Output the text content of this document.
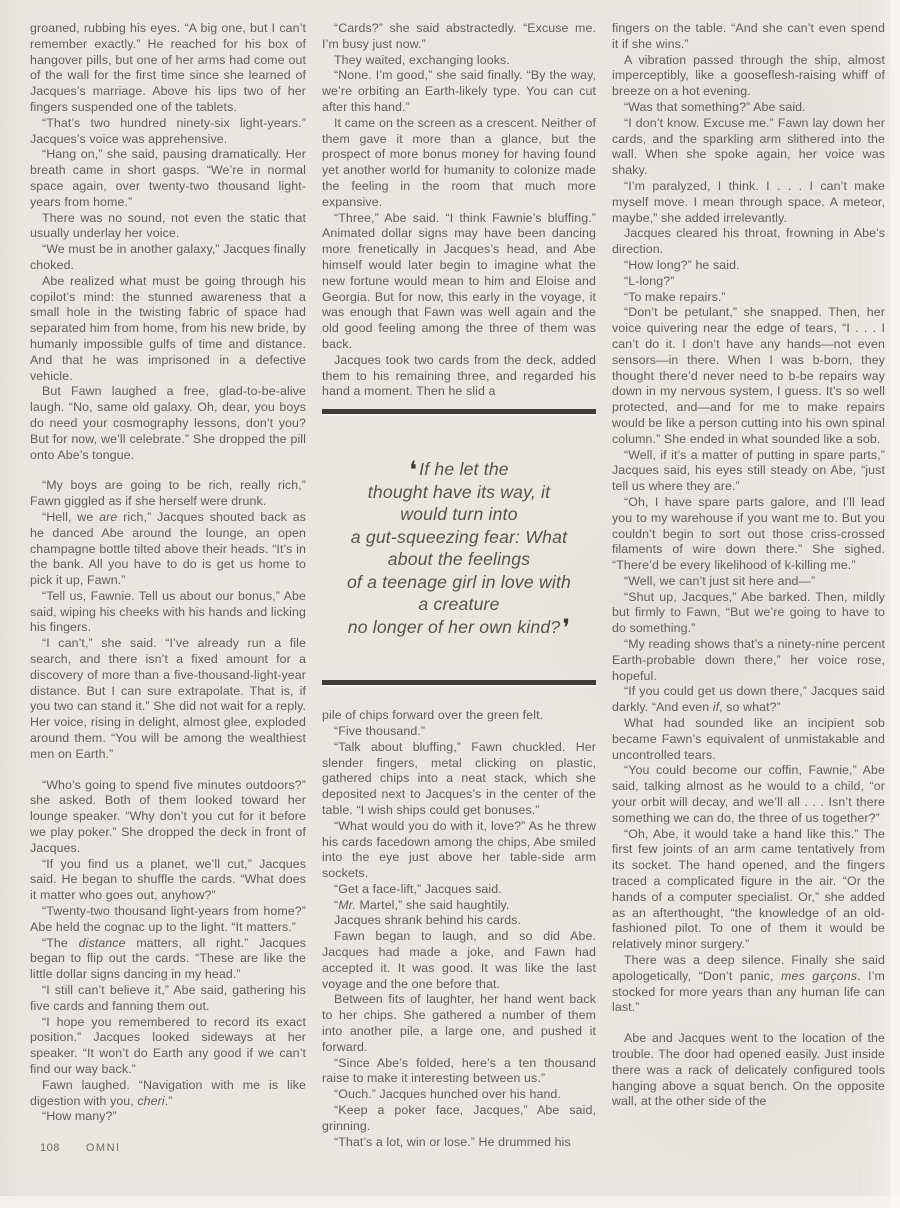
groaned, rubbing his eyes. “A big one, but I can’t remember exactly.” He reached for his box of hangover pills, but one of her arms had come out of the wall for the first time since she learned of Jacques’s marriage. Above his lips two of her fingers suspended one of the tablets.

“That’s two hundred ninety-six light-years.” Jacques’s voice was apprehensive.

“Hang on,” she said, pausing dramatically. Her breath came in short gasps. “We’re in normal space again, over twenty-two thousand light-years from home.”

There was no sound, not even the static that usually underlay her voice.

“We must be in another galaxy,” Jacques finally choked.

Abe realized what must be going through his copilot’s mind: the stunned awareness that a small hole in the twisting fabric of space had separated him from home, from his new bride, by humanly impossible gulfs of time and distance. And that he was imprisoned in a defective vehicle.

But Fawn laughed a free, glad-to-be-alive laugh. “No, same old galaxy. Oh, dear, you boys do need your cosmography lessons, don’t you? But for now, we’ll celebrate.” She dropped the pill onto Abe’s tongue.

“My boys are going to be rich, really rich,” Fawn giggled as if she herself were drunk.

“Hell, we are rich,” Jacques shouted back as he danced Abe around the lounge, an open champagne bottle tilted above their heads. “It’s in the bank. All you have to do is get us home to pick it up, Fawn.”

“Tell us, Fawnie. Tell us about our bonus,” Abe said, wiping his cheeks with his hands and licking his fingers.

“I can’t,” she said. “I’ve already run a file search, and there isn’t a fixed amount for a discovery of more than a five-thousand-light-year distance. But I can sure extrapolate. That is, if you two can stand it.” She did not wait for a reply. Her voice, rising in delight, almost glee, exploded around them. “You will be among the wealthiest men on Earth.”

“Who’s going to spend five minutes outdoors?” she asked. Both of them looked toward her lounge speaker. “Why don’t you cut for it before we play poker.” She dropped the deck in front of Jacques.

“If you find us a planet, we’ll cut,” Jacques said. He began to shuffle the cards. “What does it matter who goes out, anyhow?”

“Twenty-two thousand light-years from home?” Abe held the cognac up to the light. “It matters.”

“The distance matters, all right.” Jacques began to flip out the cards. “These are like the little dollar signs dancing in my head.”

“I still can’t believe it,” Abe said, gathering his five cards and fanning them out.

“I hope you remembered to record its exact position.” Jacques looked sideways at her speaker. “It won’t do Earth any good if we can’t find our way back.”

Fawn laughed. “Navigation with me is like digestion with you, cheri.”

“How many?”

“Cards?” she said abstractedly. “Excuse me. I’m busy just now.”

They waited, exchanging looks.

“None. I’m good,” she said finally. “By the way, we’re orbiting an Earth-likely type. You can cut after this hand.”

It came on the screen as a crescent. Neither of them gave it more than a glance, but the prospect of more bonus money for having found yet another world for humanity to colonize made the feeling in the room that much more expansive.

“Three,” Abe said. “I think Fawnie’s bluffing.” Animated dollar signs may have been dancing more frenetically in Jacques’s head, and Abe himself would later begin to imagine what the new fortune would mean to him and Eloise and Georgia. But for now, this early in the voyage, it was enough that Fawn was well again and the old good feeling among the three of them was back.

Jacques took two cards from the deck, added them to his remaining three, and regarded his hand a moment. Then he slid a

❛ If he let the
thought have its way, it
would turn into
a gut-squeezing fear: What
about the feelings
of a teenage girl in love with
a creature
no longer of her own kind?❜

pile of chips forward over the green felt.

“Five thousand.”

“Talk about bluffing,” Fawn chuckled. Her slender fingers, metal clicking on plastic, gathered chips into a neat stack, which she deposited next to Jacques’s in the center of the table. “I wish ships could get bonuses.”

“What would you do with it, love?” As he threw his cards facedown among the chips, Abe smiled into the eye just above her table-side arm sockets.

“Get a face-lift,” Jacques said.

“Mr. Martel,” she said haughtily.

Jacques shrank behind his cards.

Fawn began to laugh, and so did Abe. Jacques had made a joke, and Fawn had accepted it. It was good. It was like the last voyage and the one before that.

Between fits of laughter, her hand went back to her chips. She gathered a number of them into another pile, a large one, and pushed it forward.

“Since Abe’s folded, here’s a ten thousand raise to make it interesting between us.”

“Ouch.” Jacques hunched over his hand.

“Keep a poker face, Jacques,” Abe said, grinning.

“That’s a lot, win or lose.” He drummed his

fingers on the table. “And she can’t even spend it if she wins.”

A vibration passed through the ship, almost imperceptibly, like a gooseflesh-raising whiff of breeze on a hot evening.

“Was that something?” Abe said.

“I don’t know. Excuse me.” Fawn lay down her cards, and the sparkling arm slithered into the wall. When she spoke again, her voice was shaky.

“I’m paralyzed, I think. I . . . I can’t make myself move. I mean through space. A meteor, maybe,” she added irrelevantly.

Jacques cleared his throat, frowning in Abe’s direction.

“How long?” he said.

“L-long?”

“To make repairs.”

“Don’t be petulant,” she snapped. Then, her voice quivering near the edge of tears, “I . . . I can’t do it. I don’t have any hands—not even sensors—in there. When I was b-born, they thought there’d never need to b-be repairs way down in my nervous system, I guess. It’s so well protected, and—and for me to make repairs would be like a person cutting into his own spinal column.” She ended in what sounded like a sob.

“Well, if it’s a matter of putting in spare parts,” Jacques said, his eyes still steady on Abe, “just tell us where they are.”

“Oh, I have spare parts galore, and I’ll lead you to my warehouse if you want me to. But you couldn’t begin to sort out those criss-crossed filaments of wire down there.” She sighed. “There’d be every likelihood of k-killing me.”

“Well, we can’t just sit here and—”

“Shut up, Jacques,” Abe barked. Then, mildly but firmly to Fawn, “But we’re going to have to do something.”

“My reading shows that’s a ninety-nine percent Earth-probable down there,” her voice rose, hopeful.

“If you could get us down there,” Jacques said darkly. “And even if, so what?”

What had sounded like an incipient sob became Fawn’s equivalent of unmistakable and uncontrolled tears.

“You could become our coffin, Fawnie,” Abe said, talking almost as he would to a child, “or your orbit will decay, and we’ll all . . . Isn’t there something we can do, the three of us together?”

“Oh, Abe, it would take a hand like this.” The first few joints of an arm came tentatively from its socket. The hand opened, and the fingers traced a complicated figure in the air. “Or the hands of a computer specialist. Or,” she added as an afterthought, “the knowledge of an old-fashioned pilot. To one of them it would be relatively minor surgery.”

There was a deep silence. Finally she said apologetically, “Don’t panic, mes garçons. I’m stocked for more years than any human life can last.”

Abe and Jacques went to the location of the trouble. The door had opened easily. Just inside there was a rack of delicately configured tools hanging above a squat bench. On the opposite wall, at the other side of the

108 OMNI
